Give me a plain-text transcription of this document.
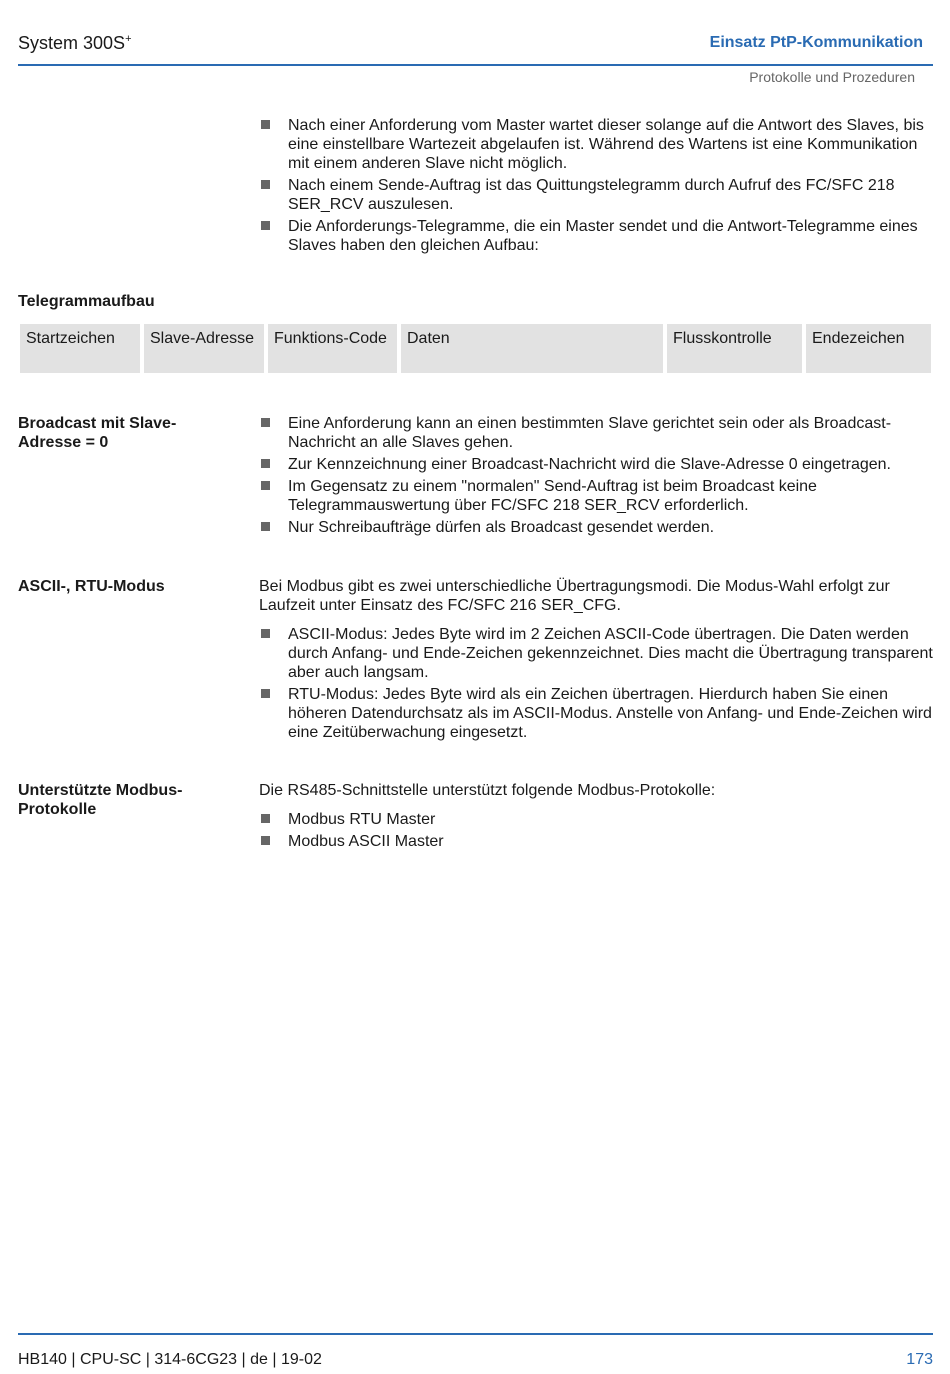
System 300S+	Einsatz PtP-Kommunikation
Protokolle und Prozeduren
Nach einer Anforderung vom Master wartet dieser solange auf die Antwort des Slaves, bis eine einstellbare Wartezeit abgelaufen ist. Während des Wartens ist eine Kommunikation mit einem anderen Slave nicht möglich.
Nach einem Sende-Auftrag ist das Quittungstelegramm durch Aufruf des FC/SFC 218 SER_RCV auszulesen.
Die Anforderungs-Telegramme, die ein Master sendet und die Antwort-Telegramme eines Slaves haben den gleichen Aufbau:
Telegrammaufbau
Startzeichen	Slave-Adresse	Funktions-Code	Daten	Flusskontrolle	Endezeichen
Broadcast mit Slave-Adresse = 0
Eine Anforderung kann an einen bestimmten Slave gerichtet sein oder als Broadcast-Nachricht an alle Slaves gehen.
Zur Kennzeichnung einer Broadcast-Nachricht wird die Slave-Adresse 0 eingetragen.
Im Gegensatz zu einem "normalen" Send-Auftrag ist beim Broadcast keine Telegrammauswertung über FC/SFC 218 SER_RCV erforderlich.
Nur Schreibaufträge dürfen als Broadcast gesendet werden.
ASCII-, RTU-Modus	Bei Modbus gibt es zwei unterschiedliche Übertragungsmodi. Die Modus-Wahl erfolgt zur Laufzeit unter Einsatz des FC/SFC 216 SER_CFG.

ASCII-Modus: Jedes Byte wird im 2 Zeichen ASCII-Code übertragen. Die Daten werden durch Anfang- und Ende-Zeichen gekennzeichnet. Dies macht die Übertragung transparent aber auch langsam.
RTU-Modus: Jedes Byte wird als ein Zeichen übertragen. Hierdurch haben Sie einen höheren Datendurchsatz als im ASCII-Modus. Anstelle von Anfang- und Ende-Zeichen wird eine Zeitüberwachung eingesetzt.
Unterstützte Modbus-Protokolle

Die RS485-Schnittstelle unterstützt folgende Modbus-Protokolle:

Modbus RTU Master
Modbus ASCII Master
HB140 | CPU-SC | 314-6CG23 | de | 19-02	173
